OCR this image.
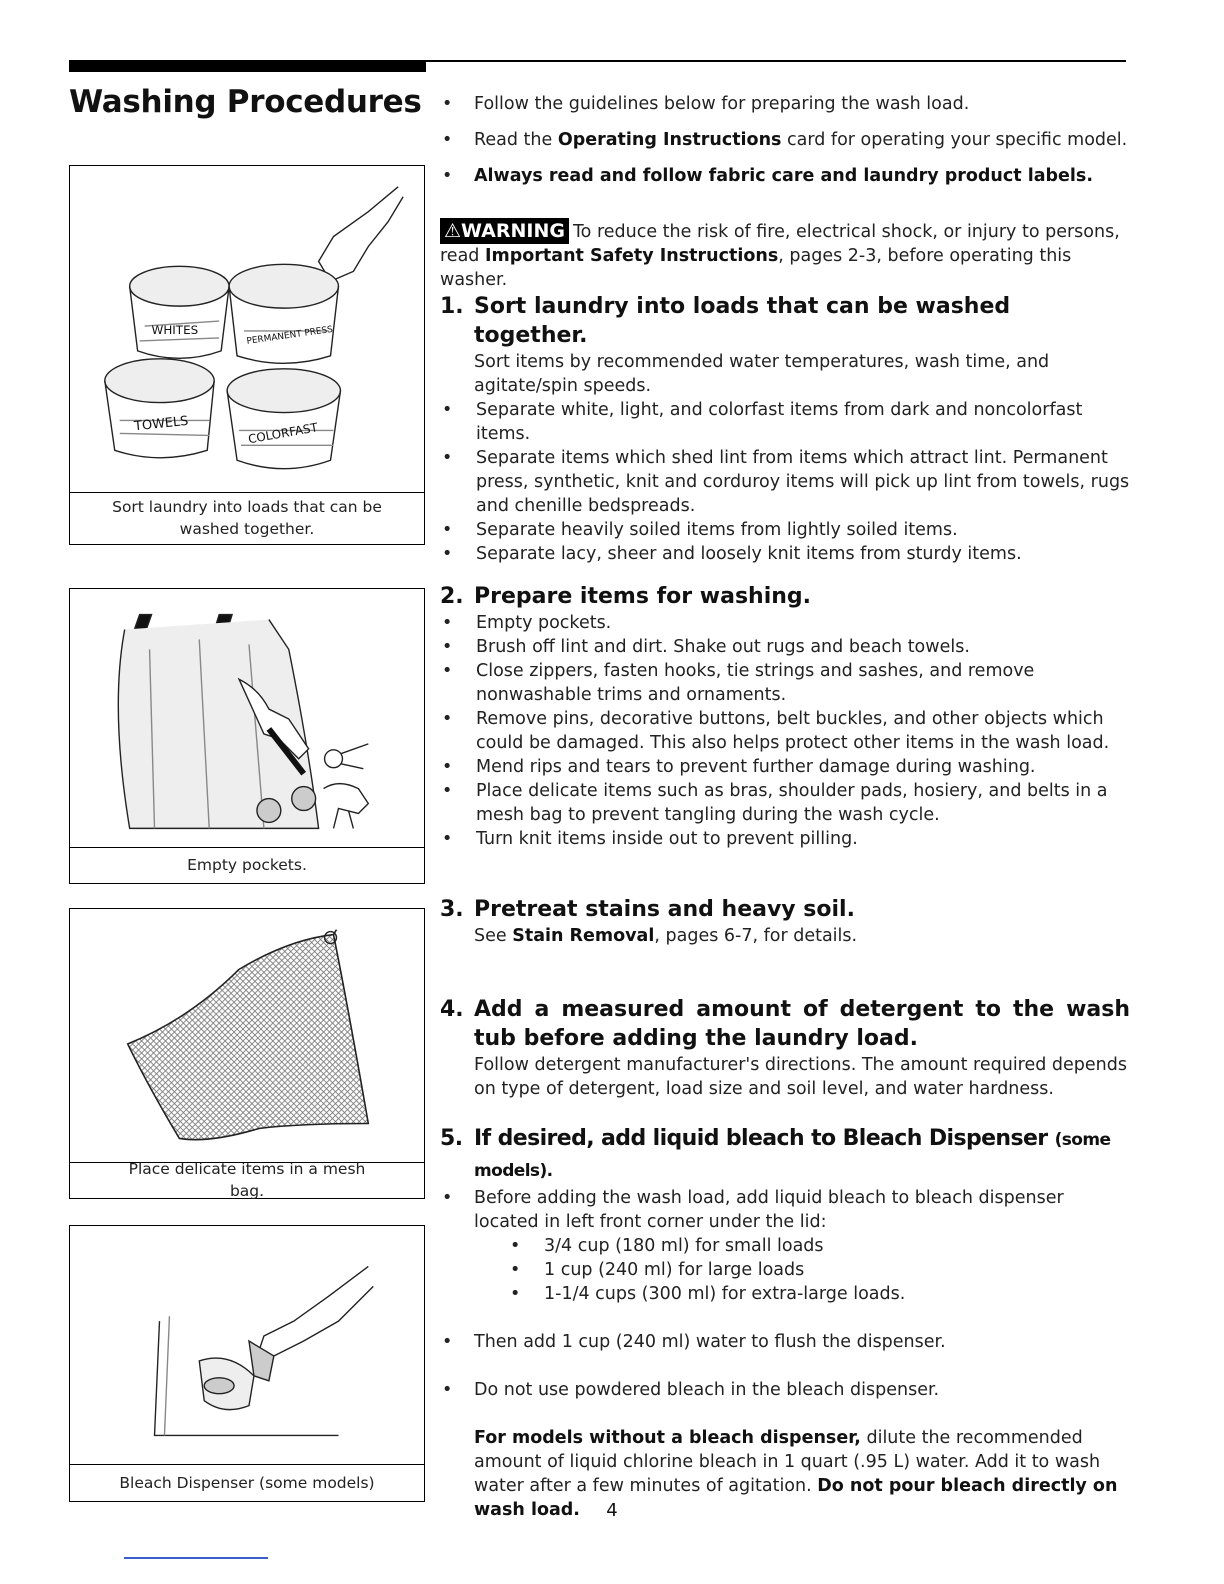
Washing Procedures
WHITES	PERMANENT PRESS
TOWELS	COLORFAST
Sort laundry into loads that can be washed together.
Empty pockets.
Place delicate items in a mesh bag.
Bleach Dispenser (some models)

• Follow the guidelines below for preparing the wash load.

• Read the Operating Instructions card for operating your specific model.

• Always read and follow fabric care and laundry product labels.

⚠WARNING To reduce the risk of fire, electrical shock, or injury to persons, read Important Safety Instructions, pages 2-3, before operating this washer.

1. Sort laundry into loads that can be washed together.

Sort items by recommended water temperatures, wash time, and agitate/spin speeds.

• Separate white, light, and colorfast items from dark and noncolorfast items.

• Separate items which shed lint from items which attract lint. Permanent press, synthetic, knit and corduroy items will pick up lint from towels, rugs and chenille bedspreads.

• Separate heavily soiled items from lightly soiled items.

• Separate lacy, sheer and loosely knit items from sturdy items.

2. Prepare items for washing.

• Empty pockets.

• Brush off lint and dirt. Shake out rugs and beach towels.

• Close zippers, fasten hooks, tie strings and sashes, and remove nonwashable trims and ornaments.

• Remove pins, decorative buttons, belt buckles, and other objects which could be damaged. This also helps protect other items in the wash load.

• Mend rips and tears to prevent further damage during washing.

• Place delicate items such as bras, shoulder pads, hosiery, and belts in a mesh bag to prevent tangling during the wash cycle.

• Turn knit items inside out to prevent pilling.

3. Pretreat stains and heavy soil.

See Stain Removal, pages 6-7, for details.

4. Add a measured amount of detergent to the wash tub before adding the laundry load.

Follow detergent manufacturer's directions. The amount required depends on type of detergent, load size and soil level, and water hardness.

5. If desired, add liquid bleach to Bleach Dispenser (some models).

• Before adding the wash load, add liquid bleach to bleach dispenser located in left front corner under the lid:

• 3/4 cup (180 ml) for small loads

• 1 cup (240 ml) for large loads

• 1-1/4 cups (300 ml) for extra-large loads.

• Then add 1 cup (240 ml) water to flush the dispenser.

• Do not use powdered bleach in the bleach dispenser.

For models without a bleach dispenser, dilute the recommended amount of liquid chlorine bleach in 1 quart (.95 L) water. Add it to wash water after a few minutes of agitation. Do not pour bleach directly on wash load.	4
